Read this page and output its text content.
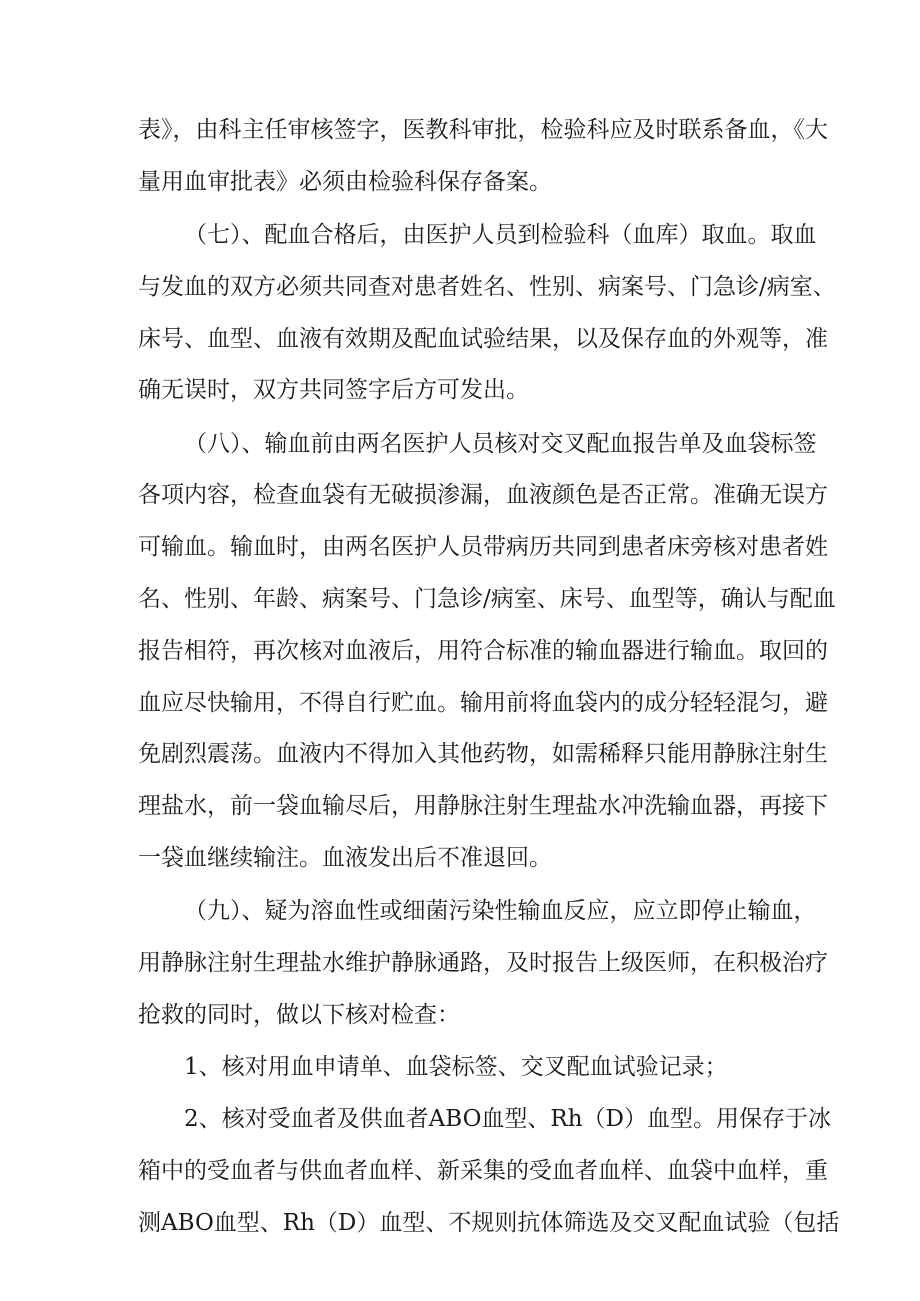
表》，由科主任审核签字，医教科审批，检验科应及时联系备血，《大

量用血审批表》必须由检验科保存备案。

（七）、配血合格后，由医护人员到检验科（血库）取血。取血

与发血的双方必须共同查对患者姓名、性别、病案号、门急诊/病室、

床号、血型、血液有效期及配血试验结果，以及保存血的外观等，准

确无误时，双方共同签字后方可发出。

（八）、输血前由两名医护人员核对交叉配血报告单及血袋标签

各项内容，检查血袋有无破损渗漏，血液颜色是否正常。准确无误方

可输血。输血时，由两名医护人员带病历共同到患者床旁核对患者姓

名、性别、年龄、病案号、门急诊/病室、床号、血型等，确认与配血

报告相符，再次核对血液后，用符合标准的输血器进行输血。取回的

血应尽快输用，不得自行贮血。输用前将血袋内的成分轻轻混匀，避

免剧烈震荡。血液内不得加入其他药物，如需稀释只能用静脉注射生

理盐水，前一袋血输尽后，用静脉注射生理盐水冲洗输血器，再接下

一袋血继续输注。血液发出后不准退回。

（九）、疑为溶血性或细菌污染性输血反应，应立即停止输血，

用静脉注射生理盐水维护静脉通路，及时报告上级医师，在积极治疗

抢救的同时，做以下核对检查：

1、核对用血申请单、血袋标签、交叉配血试验记录；

2、核对受血者及供血者ABO血型、Rh（D）血型。用保存于冰

箱中的受血者与供血者血样、新采集的受血者血样、血袋中血样，重

测ABO血型、Rh（D）血型、不规则抗体筛选及交叉配血试验（包括
